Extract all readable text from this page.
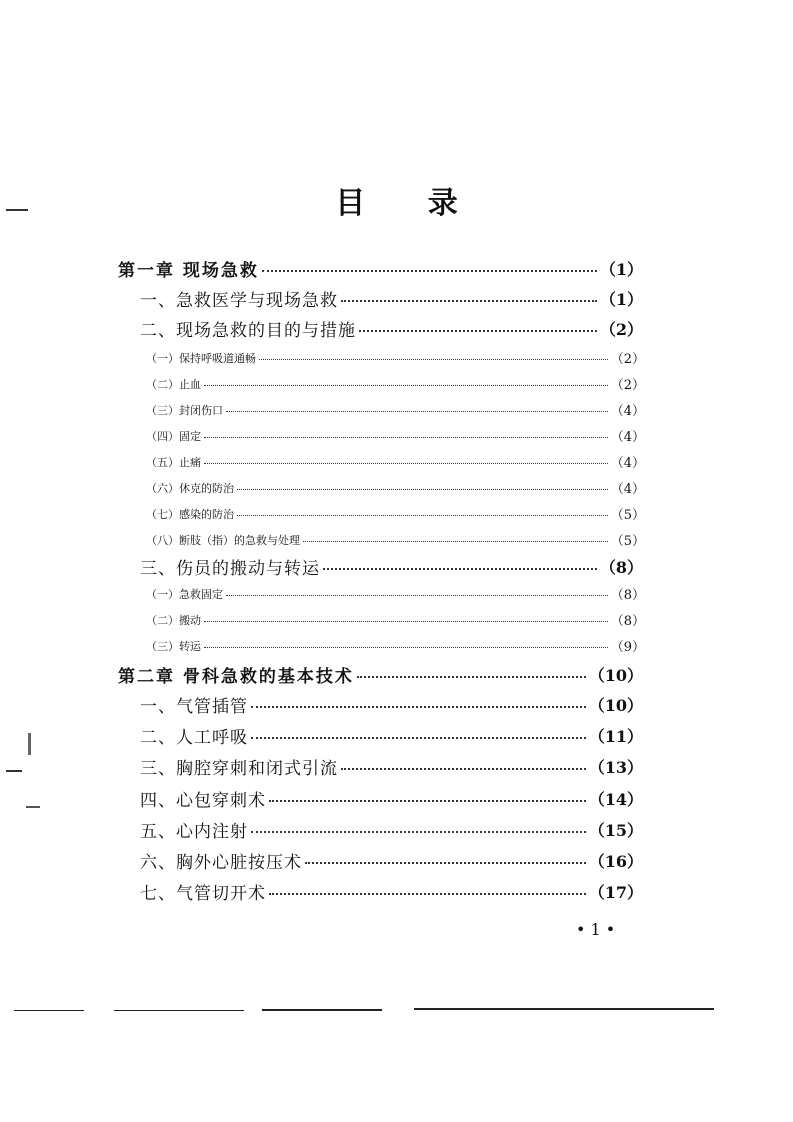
目 录
第一章 现场急救	（1）
一、急救医学与现场急救	（1）
二、现场急救的目的与措施	（2）
（一）保持呼吸道通畅	（2）
（二）止血	（2）
（三）封闭伤口	（4）
（四）固定	（4）
（五）止痛	（4）
（六）休克的防治	（4）
（七）感染的防治	（5）
（八）断肢（指）的急救与处理	（5）
三、伤员的搬动与转运	（8）
（一）急救固定	（8）
（二）搬动	（8）
（三）转运	（9）
第二章 骨科急救的基本技术	（10）
一、气管插管	（10）
二、人工呼吸	（11）
三、胸腔穿刺和闭式引流	（13）
四、心包穿刺术	（14）
五、心内注射	（15）
六、胸外心脏按压术	（16）
七、气管切开术	（17）
• 1 •
